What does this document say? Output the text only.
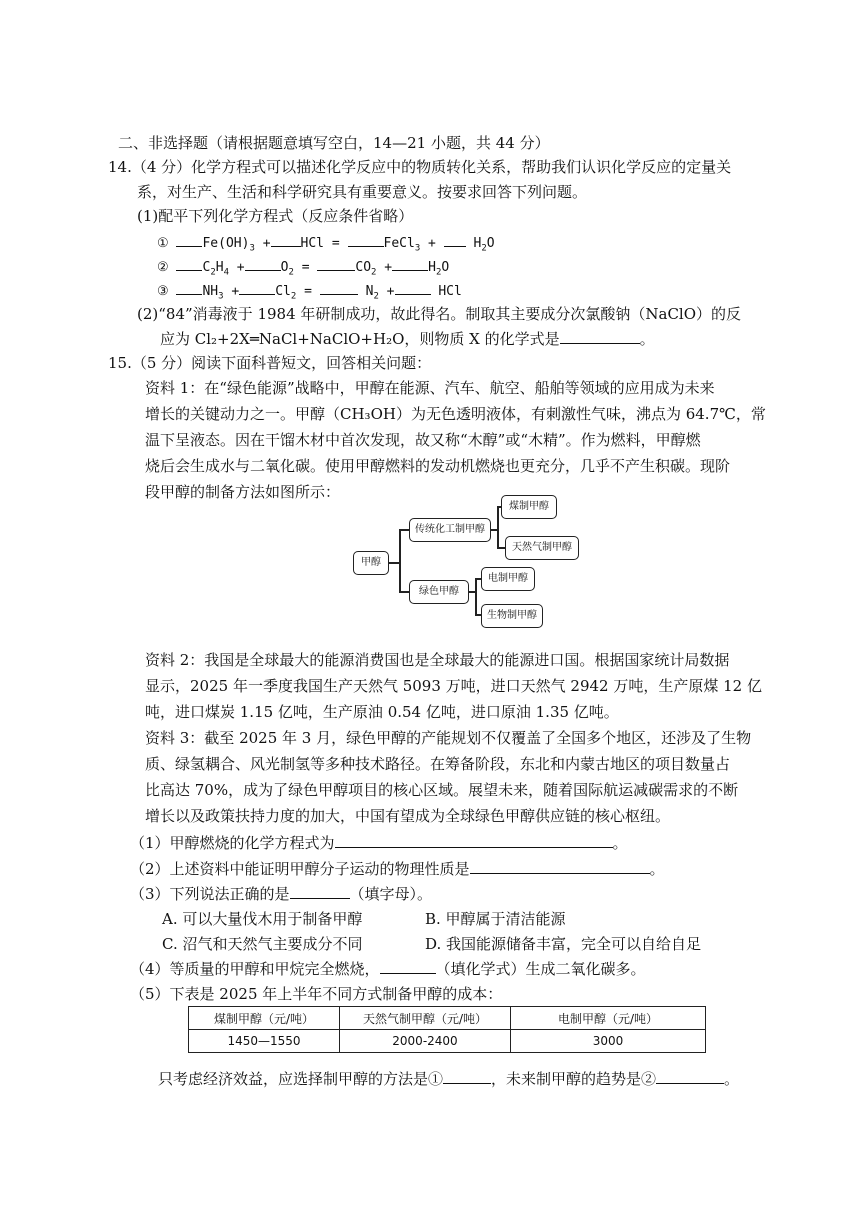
二、非选择题（请根据题意填写空白，14—21 小题，共 44 分）
14.（4 分）化学方程式可以描述化学反应中的物质转化关系，帮助我们认识化学反应的定量关
系，对生产、生活和科学研究具有重要意义。按要求回答下列问题。
(1)配平下列化学方程式（反应条件省略）
①	$Fe(OH)_3$ + HCl =	FeCl$_3$ +  $H_2O$
②	$C_2H_4$ +	$O_2$ =	$CO_2$ +	$H_2O$
③	$NH_3$ +	$Cl_2$ =	$N_2$ +	HCl
(2)“84”消毒液于 1984 年研制成功，故此得名。制取其主要成分次氯酸钠（NaClO）的反
应为 Cl₂+2X═NaCl+NaClO+H₂O，则物质 X 的化学式是	。
15.（5 分）阅读下面科普短文，回答相关问题：
资料 1：在“绿色能源”战略中，甲醇在能源、汽车、航空、船舶等领域的应用成为未来
增长的关键动力之一。甲醇（CH₃OH）为无色透明液体，有刺激性气味，沸点为 64.7℃，常
温下呈液态。因在干馏木材中首次发现，故又称“木醇”或“木精”。作为燃料，甲醇燃
烧后会生成水与二氧化碳。使用甲醇燃料的发动机燃烧也更充分，几乎不产生积碳。现阶
段甲醇的制备方法如图所示：
甲醇
传统化工制甲醇
绿色甲醇
煤制甲醇
天然气制甲醇
电制甲醇
生物制甲醇
资料 2：我国是全球最大的能源消费国也是全球最大的能源进口国。根据国家统计局数据
显示，2025 年一季度我国生产天然气 5093 万吨，进口天然气 2942 万吨，生产原煤 12 亿
吨，进口煤炭 1.15 亿吨，生产原油 0.54 亿吨，进口原油 1.35 亿吨。
资料 3：截至 2025 年 3 月，绿色甲醇的产能规划不仅覆盖了全国多个地区，还涉及了生物
质、绿氢耦合、风光制氢等多种技术路径。在筹备阶段，东北和内蒙古地区的项目数量占
比高达 70%，成为了绿色甲醇项目的核心区域。展望未来，随着国际航运减碳需求的不断
增长以及政策扶持力度的加大，中国有望成为全球绿色甲醇供应链的核心枢纽。
（1）甲醇燃烧的化学方程式为	。
（2）上述资料中能证明甲醇分子运动的物理性质是	。
（3）下列说法正确的是	（填字母）。
A. 可以大量伐木用于制备甲醇	B. 甲醇属于清洁能源
C. 沼气和天然气主要成分不同	D. 我国能源储备丰富，完全可以自给自足
（4）等质量的甲醇和甲烷完全燃烧，	（填化学式）生成二氧化碳多。
（5）下表是 2025 年上半年不同方式制备甲醇的成本：
煤制甲醇（元/吨）	天然气制甲醇（元/吨）	电制甲醇（元/吨）
1450—1550	2000-2400	3000
只考虑经济效益，应选择制甲醇的方法是①	，未来制甲醇的趋势是②	。
